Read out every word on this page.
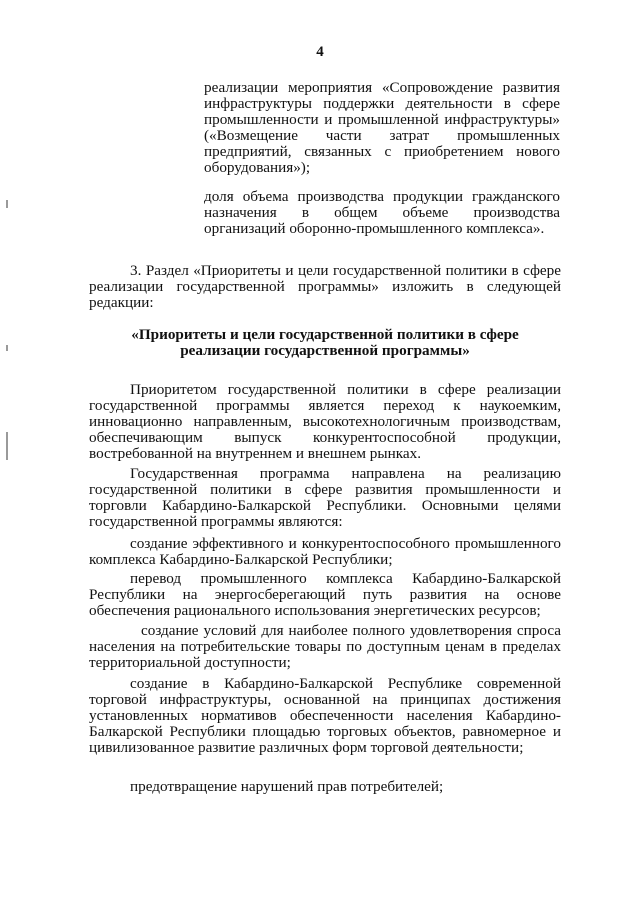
4

реализации мероприятия «Сопровождение развития инфраструктуры поддержки деятельности в сфере промышленности и промышленной инфраструктуры» («Возмещение части затрат промышленных предприятий, связанных с приобретением нового оборудования»);

доля объема производства продукции гражданского назначения в общем объеме производства организаций оборонно-промышленного комплекса».

3. Раздел «Приоритеты и цели государственной политики в сфере реализации государственной программы» изложить в следующей редакции:

«Приоритеты и цели государственной политики в сфере
реализации государственной программы»

Приоритетом государственной политики в сфере реализации государственной программы является переход к наукоемким, инновационно направленным, высокотехнологичным производствам, обеспечивающим выпуск конкурентоспособной продукции, востребованной на внутреннем и внешнем рынках.

Государственная программа направлена на реализацию государственной политики в сфере развития промышленности и торговли Кабардино-Балкарской Республики. Основными целями государственной программы являются:

создание эффективного и конкурентоспособного промышленного комплекса Кабардино-Балкарской Республики;

перевод промышленного комплекса Кабардино-Балкарской Республики на энергосберегающий путь развития на основе обеспечения рационального использования энергетических ресурсов;

создание условий для наиболее полного удовлетворения спроса населения на потребительские товары по доступным ценам в пределах территориальной доступности;

создание в Кабардино-Балкарской Республике современной торговой инфраструктуры, основанной на принципах достижения установленных нормативов обеспеченности населения Кабардино-Балкарской Республики площадью торговых объектов, равномерное и цивилизованное развитие различных форм торговой деятельности;

предотвращение нарушений прав потребителей;
